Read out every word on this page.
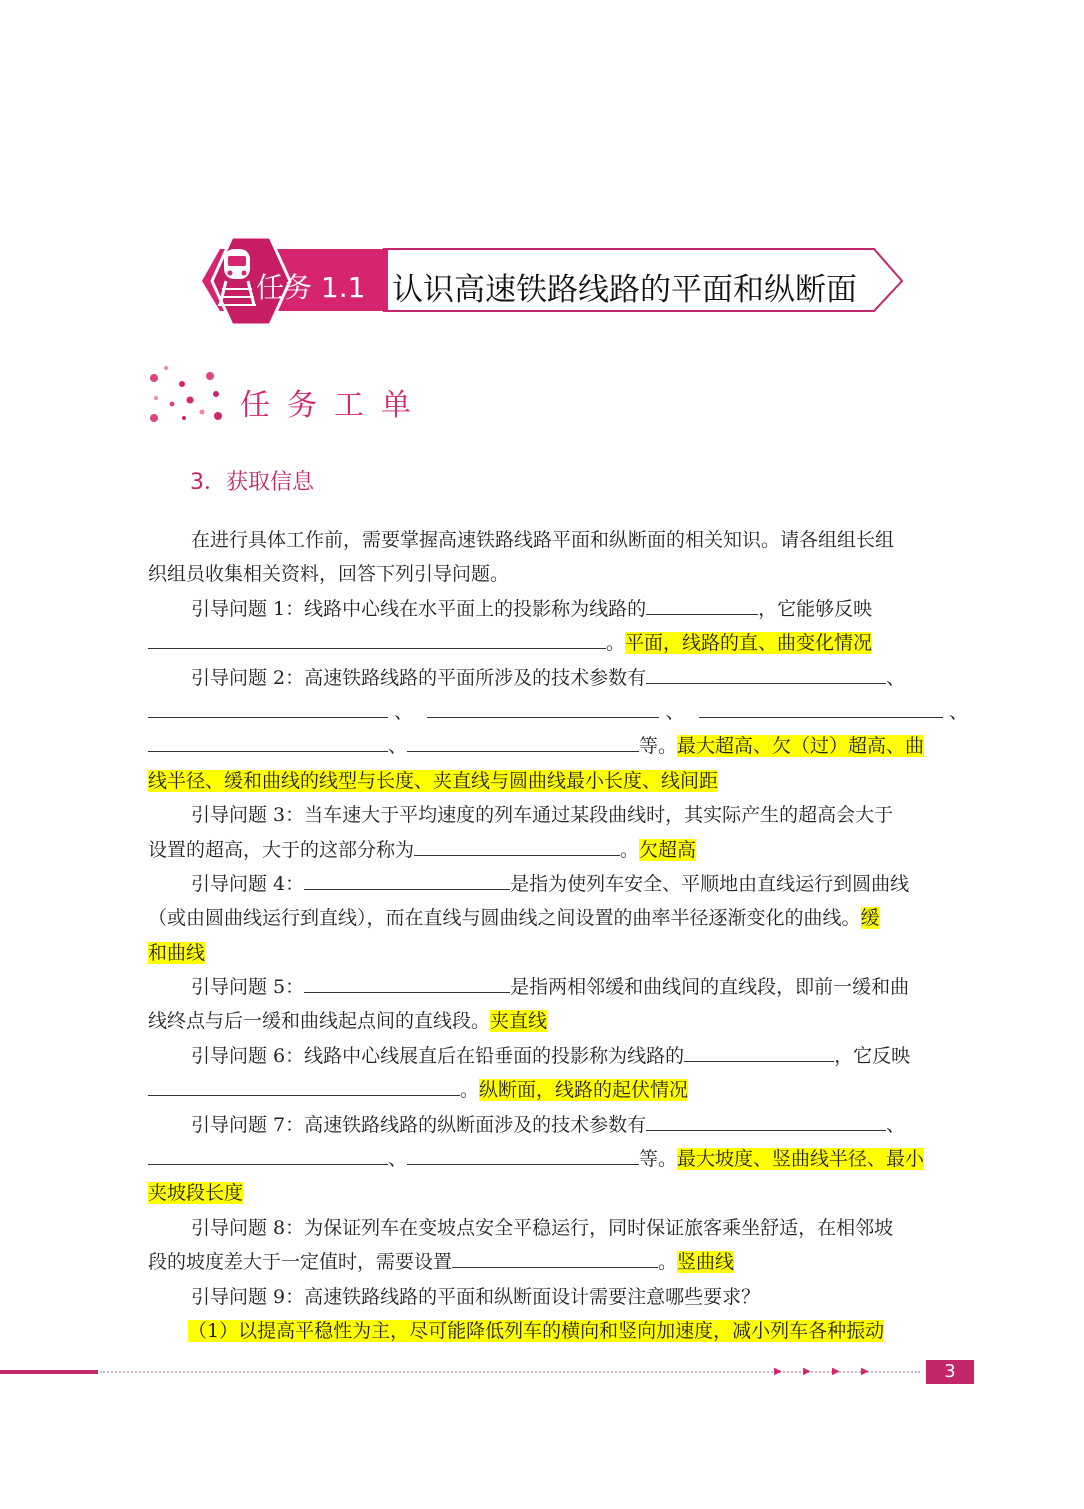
任务 1.1 认识高速铁路线路的平面和纵断面
任务工单
3．获取信息
在进行具体工作前，需要掌握高速铁路线路平面和纵断面的相关知识。请各组组长组
织组员收集相关资料，回答下列引导问题。
引导问题 1：线路中心线在水平面上的投影称为线路的	，它能够反映
。平面，线路的直、曲变化情况
引导问题 2：高速铁路线路的平面所涉及的技术参数有	、
、	、	、
、	等。最大超高、欠（过）超高、曲
线半径、缓和曲线的线型与长度、夹直线与圆曲线最小长度、线间距
引导问题 3：当车速大于平均速度的列车通过某段曲线时，其实际产生的超高会大于
设置的超高，大于的这部分称为	。欠超高
引导问题 4：	是指为使列车安全、平顺地由直线运行到圆曲线
（或由圆曲线运行到直线），而在直线与圆曲线之间设置的曲率半径逐渐变化的曲线。缓
和曲线
引导问题 5：	是指两相邻缓和曲线间的直线段，即前一缓和曲
线终点与后一缓和曲线起点间的直线段。夹直线
引导问题 6：线路中心线展直后在铅垂面的投影称为线路的	，它反映
。纵断面，线路的起伏情况
引导问题 7：高速铁路线路的纵断面涉及的技术参数有	、
、	等。最大坡度、竖曲线半径、最小
夹坡段长度
引导问题 8：为保证列车在变坡点安全平稳运行，同时保证旅客乘坐舒适，在相邻坡
段的坡度差大于一定值时，需要设置	。竖曲线
引导问题 9：高速铁路线路的平面和纵断面设计需要注意哪些要求？
（1）以提高平稳性为主，尽可能降低列车的横向和竖向加速度，减小列车各种振动
▶ ▶ ▶ ▶	3
